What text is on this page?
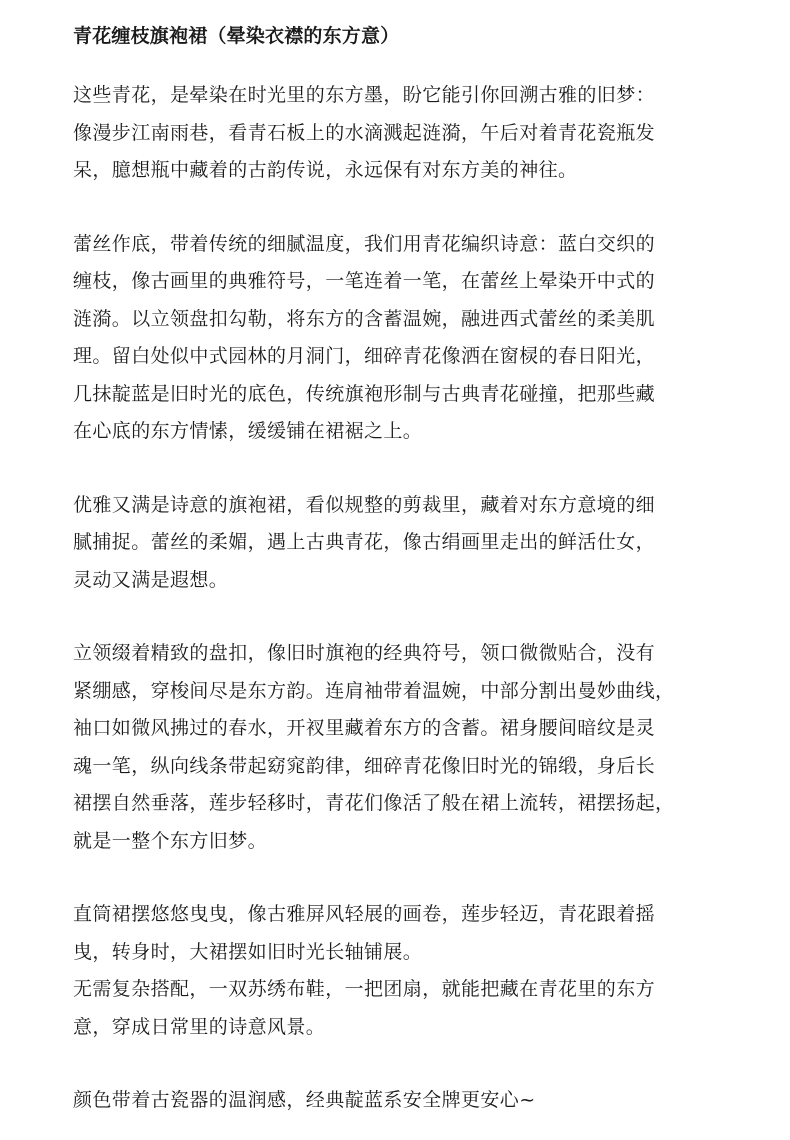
青花缠枝旗袍裙（晕染衣襟的东方意）

这些青花，是晕染在时光里的东方墨，盼它能引你回溯古雅的旧梦：
像漫步江南雨巷，看青石板上的水滴溅起涟漪，午后对着青花瓷瓶发
呆，臆想瓶中藏着的古韵传说，永远保有对东方美的神往。

蕾丝作底，带着传统的细腻温度，我们用青花编织诗意：蓝白交织的
缠枝，像古画里的典雅符号，一笔连着一笔，在蕾丝上晕染开中式的
涟漪。以立领盘扣勾勒，将东方的含蓄温婉，融进西式蕾丝的柔美肌
理。留白处似中式园林的月洞门，细碎青花像洒在窗棂的春日阳光，
几抹靛蓝是旧时光的底色，传统旗袍形制与古典青花碰撞，把那些藏
在心底的东方情愫，缓缓铺在裙裾之上。

优雅又满是诗意的旗袍裙，看似规整的剪裁里，藏着对东方意境的细
腻捕捉。蕾丝的柔媚，遇上古典青花，像古绢画里走出的鲜活仕女，
灵动又满是遐想。

立领缀着精致的盘扣，像旧时旗袍的经典符号，领口微微贴合，没有
紧绷感，穿梭间尽是东方韵。连肩袖带着温婉，中部分割出曼妙曲线，
袖口如微风拂过的春水，开衩里藏着东方的含蓄。裙身腰间暗纹是灵
魂一笔，纵向线条带起窈窕韵律，细碎青花像旧时光的锦缎，身后长
裙摆自然垂落，莲步轻移时，青花们像活了般在裙上流转，裙摆扬起，
就是一整个东方旧梦。

直筒裙摆悠悠曳曳，像古雅屏风轻展的画卷，莲步轻迈，青花跟着摇
曳，转身时，大裙摆如旧时光长轴铺展。
无需复杂搭配，一双苏绣布鞋，一把团扇，就能把藏在青花里的东方
意，穿成日常里的诗意风景。

颜色带着古瓷器的温润感，经典靛蓝系安全牌更安心~
